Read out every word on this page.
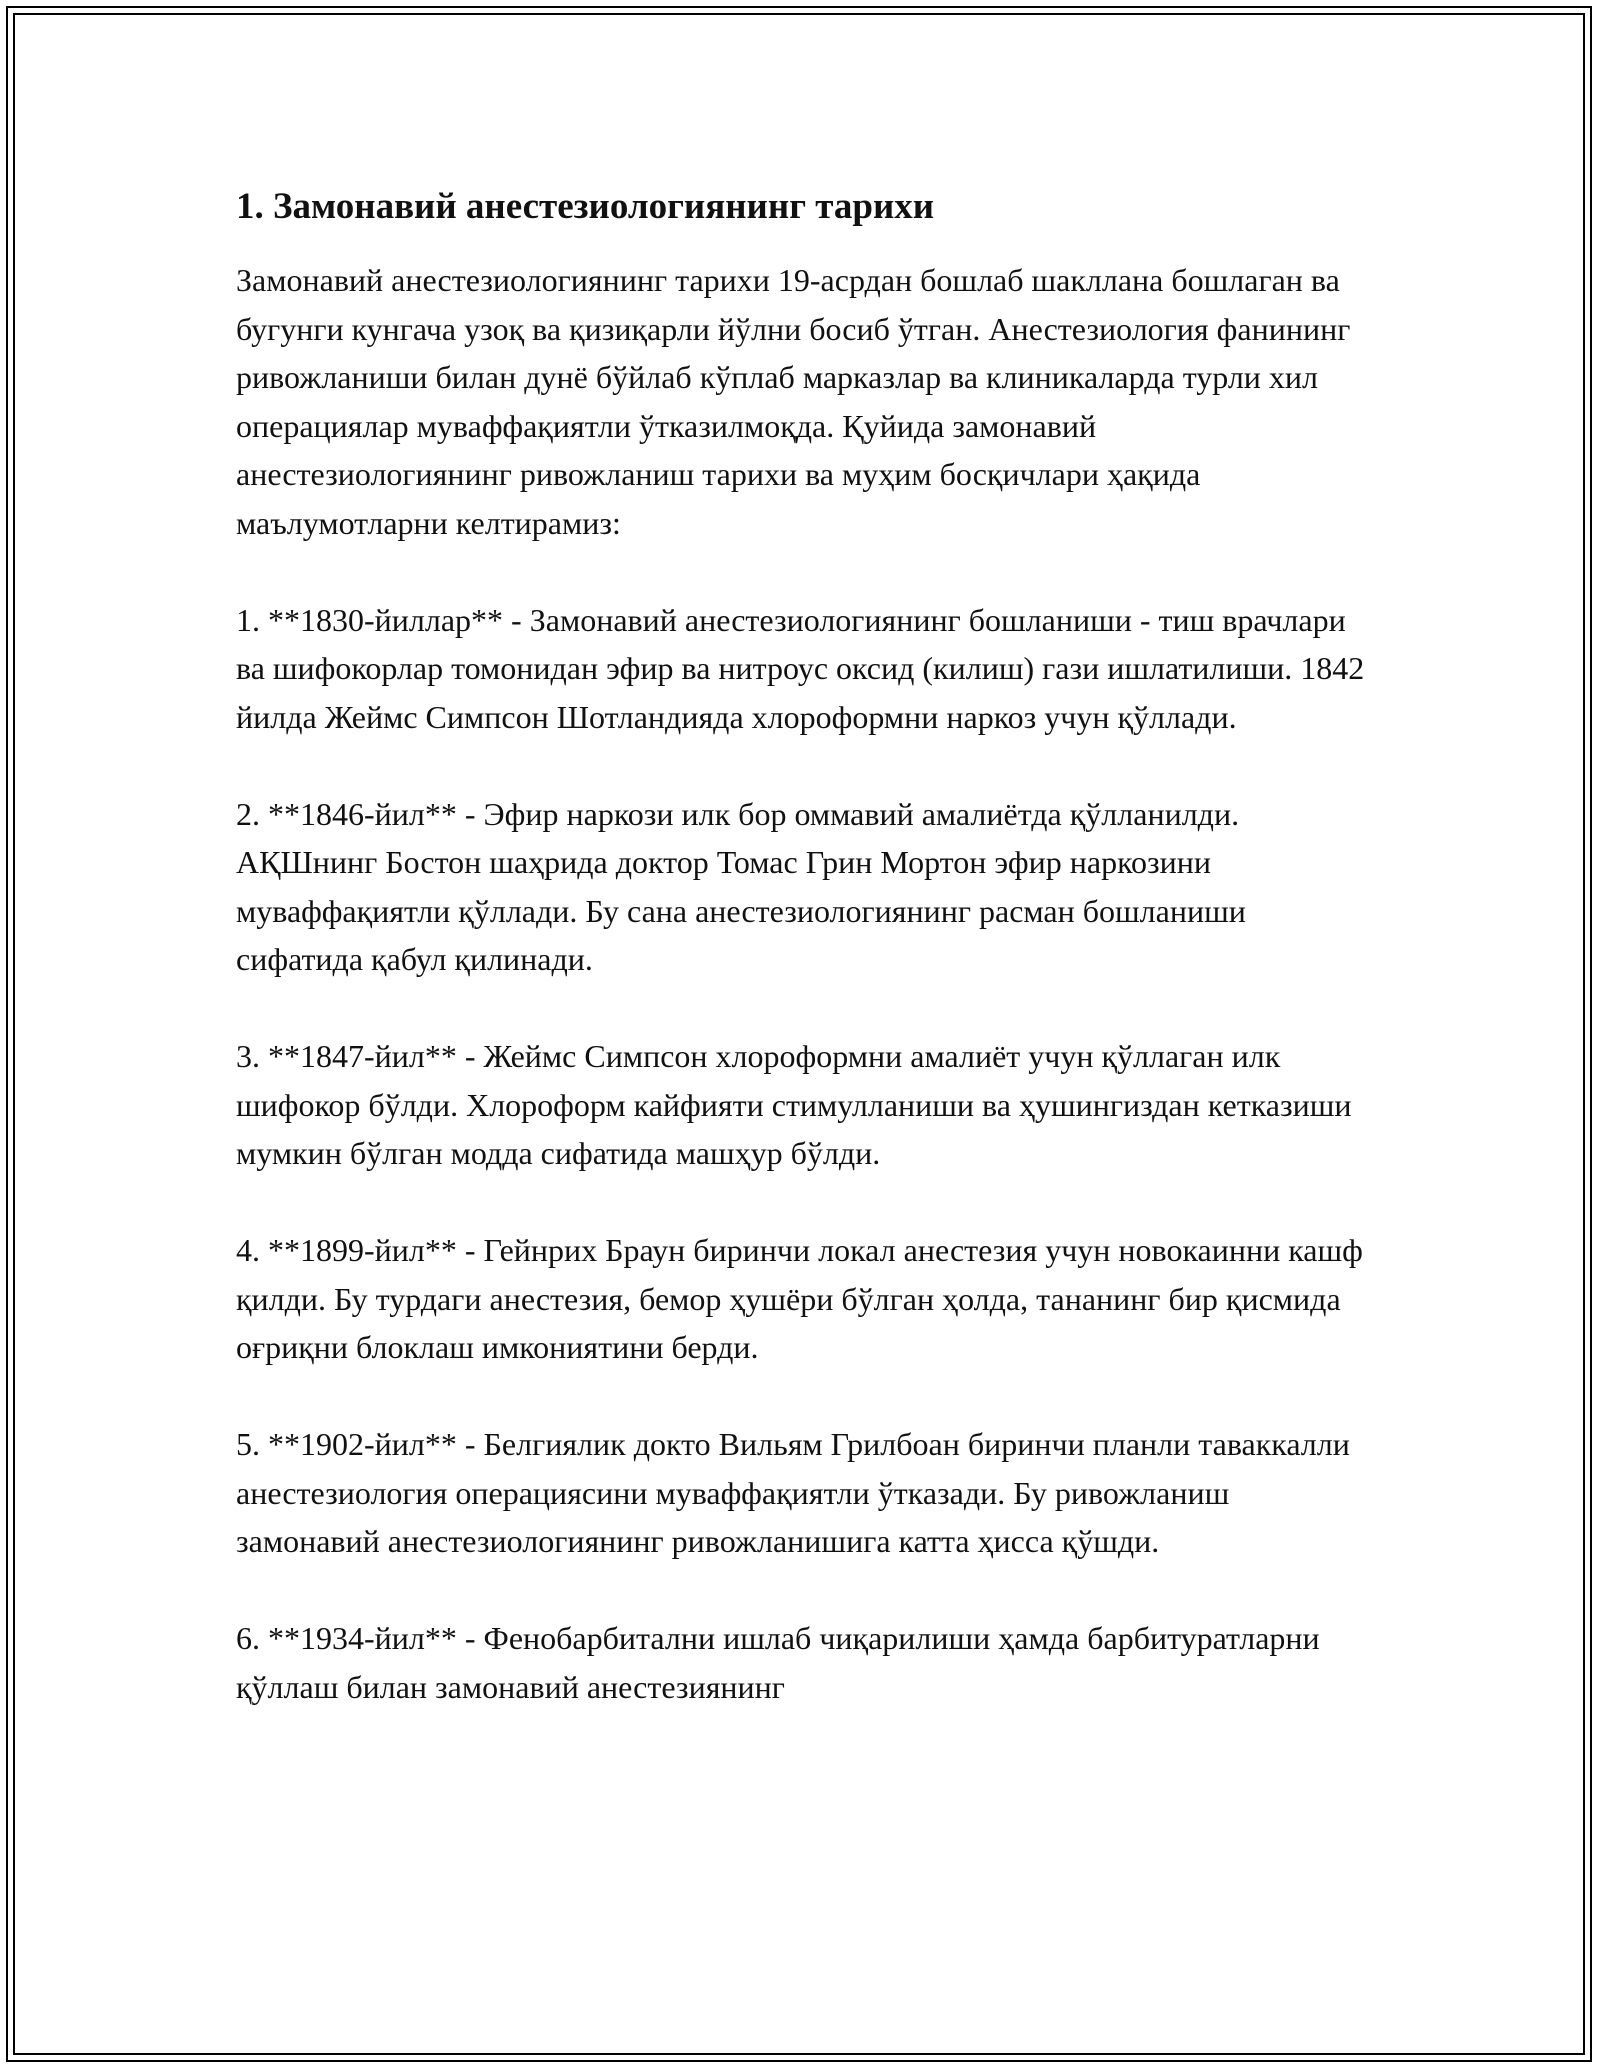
1. Замонавий анестезиологиянинг тарихи

Замонавий анестезиологиянинг тарихи 19-асрдан бошлаб шакллана бошлаган ва бугунги кунгача узоқ ва қизиқарли йўлни босиб ўтган. Анестезиология фанининг ривожланиши билан дунё бўйлаб кўплаб марказлар ва клиникаларда турли хил операциялар муваффақиятли ўтказилмоқда. Қуйида замонавий анестезиологиянинг ривожланиш тарихи ва муҳим босқичлари ҳақида маълумотларни келтирамиз:

1. **1830-йиллар** - Замонавий анестезиологиянинг бошланиши - тиш врачлари ва шифокорлар томонидан эфир ва нитроус оксид (килиш) гази ишлатилиши. 1842 йилда Жеймс Симпсон Шотландияда хлороформни наркоз учун қўллади.

2. **1846-йил** - Эфир наркози илк бор оммавий амалиётда қўлланилди. АҚШнинг Бостон шаҳрида доктор Томас Грин Мортон эфир наркозини муваффақиятли қўллади. Бу сана анестезиологиянинг расман бошланиши сифатида қабул қилинади.

3. **1847-йил** - Жеймс Симпсон хлороформни амалиёт учун қўллаган илк шифокор бўлди. Хлороформ кайфияти стимулланиши ва ҳушингиздан кетказиши мумкин бўлган модда сифатида машҳур бўлди.

4. **1899-йил** - Гейнрих Браун биринчи локал анестезия учун новокаинни кашф қилди. Бу турдаги анестезия, бемор ҳушёри бўлган ҳолда, тананинг бир қисмида оғриқни блоклаш имкониятини берди.

5. **1902-йил** - Белгиялик докто Вильям Грилбоан биринчи планли таваккалли анестезиология операциясини муваффақиятли ўтказади. Бу ривожланиш замонавий анестезиологиянинг ривожланишига катта ҳисса қўшди.

6. **1934-йил** - Фенобарбитални ишлаб чиқарилиши ҳамда барбитуратларни қўллаш билан замонавий анестезиянинг
